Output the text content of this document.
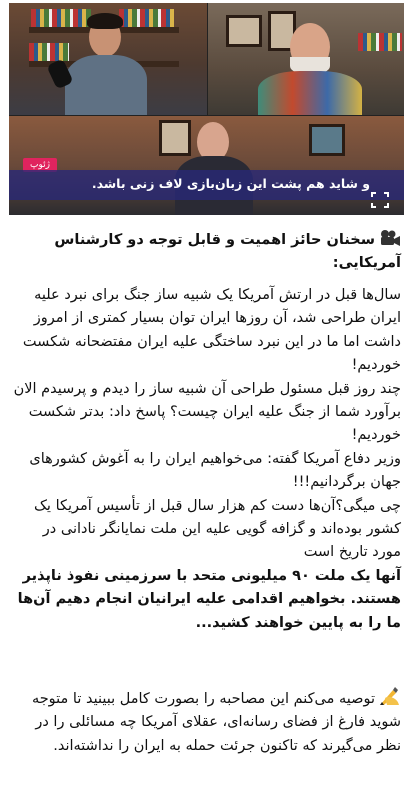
ژئوپ
و شاید هم پشت این زبان‌بازی لاف زنی باشد.
سخنان حائز اهمیت و قابل توجه دو کارشناس آمریکایی:

سال‌ها قبل در ارتش آمریکا یک شبیه ساز جنگ برای نبرد علیه ایران طراحی شد، آن روزها ایران توان بسیار کمتری از امروز داشت اما ما در این نبرد ساختگی علیه ایران مفتضحانه شکست خوردیم!

چند روز قبل مسئول طراحی آن شبیه ساز را دیدم و پرسیدم الان برآورد شما از جنگ علیه ایران چیست؟ پاسخ داد: بدتر شکست خوردیم!

وزیر دفاع آمریکا گفته: می‌خواهیم ایران را به آغوش کشورهای جهان برگردانیم!!!

چی میگی؟آن‌ها دست کم هزار سال قبل از تأسیس آمریکا یک کشور بوده‌اند و گزافه گویی علیه این ملت نمایانگر نادانی در مورد تاریخ است

آنها یک ملت ۹۰ میلیونی متحد با سرزمینی نفوذ ناپذیر هستند. بخواهیم اقدامی علیه ایرانیان انجام دهیم آن‌ها ما را به پایین خواهند کشید...

توصیه می‌کنم این مصاحبه را بصورت کامل ببینید تا متوجه شوید فارغ از فضای رسانه‌ای، عقلای آمریکا چه مسائلی را در نظر می‌گیرند که تاکنون جرئت حمله به ایران را نداشته‌اند.
